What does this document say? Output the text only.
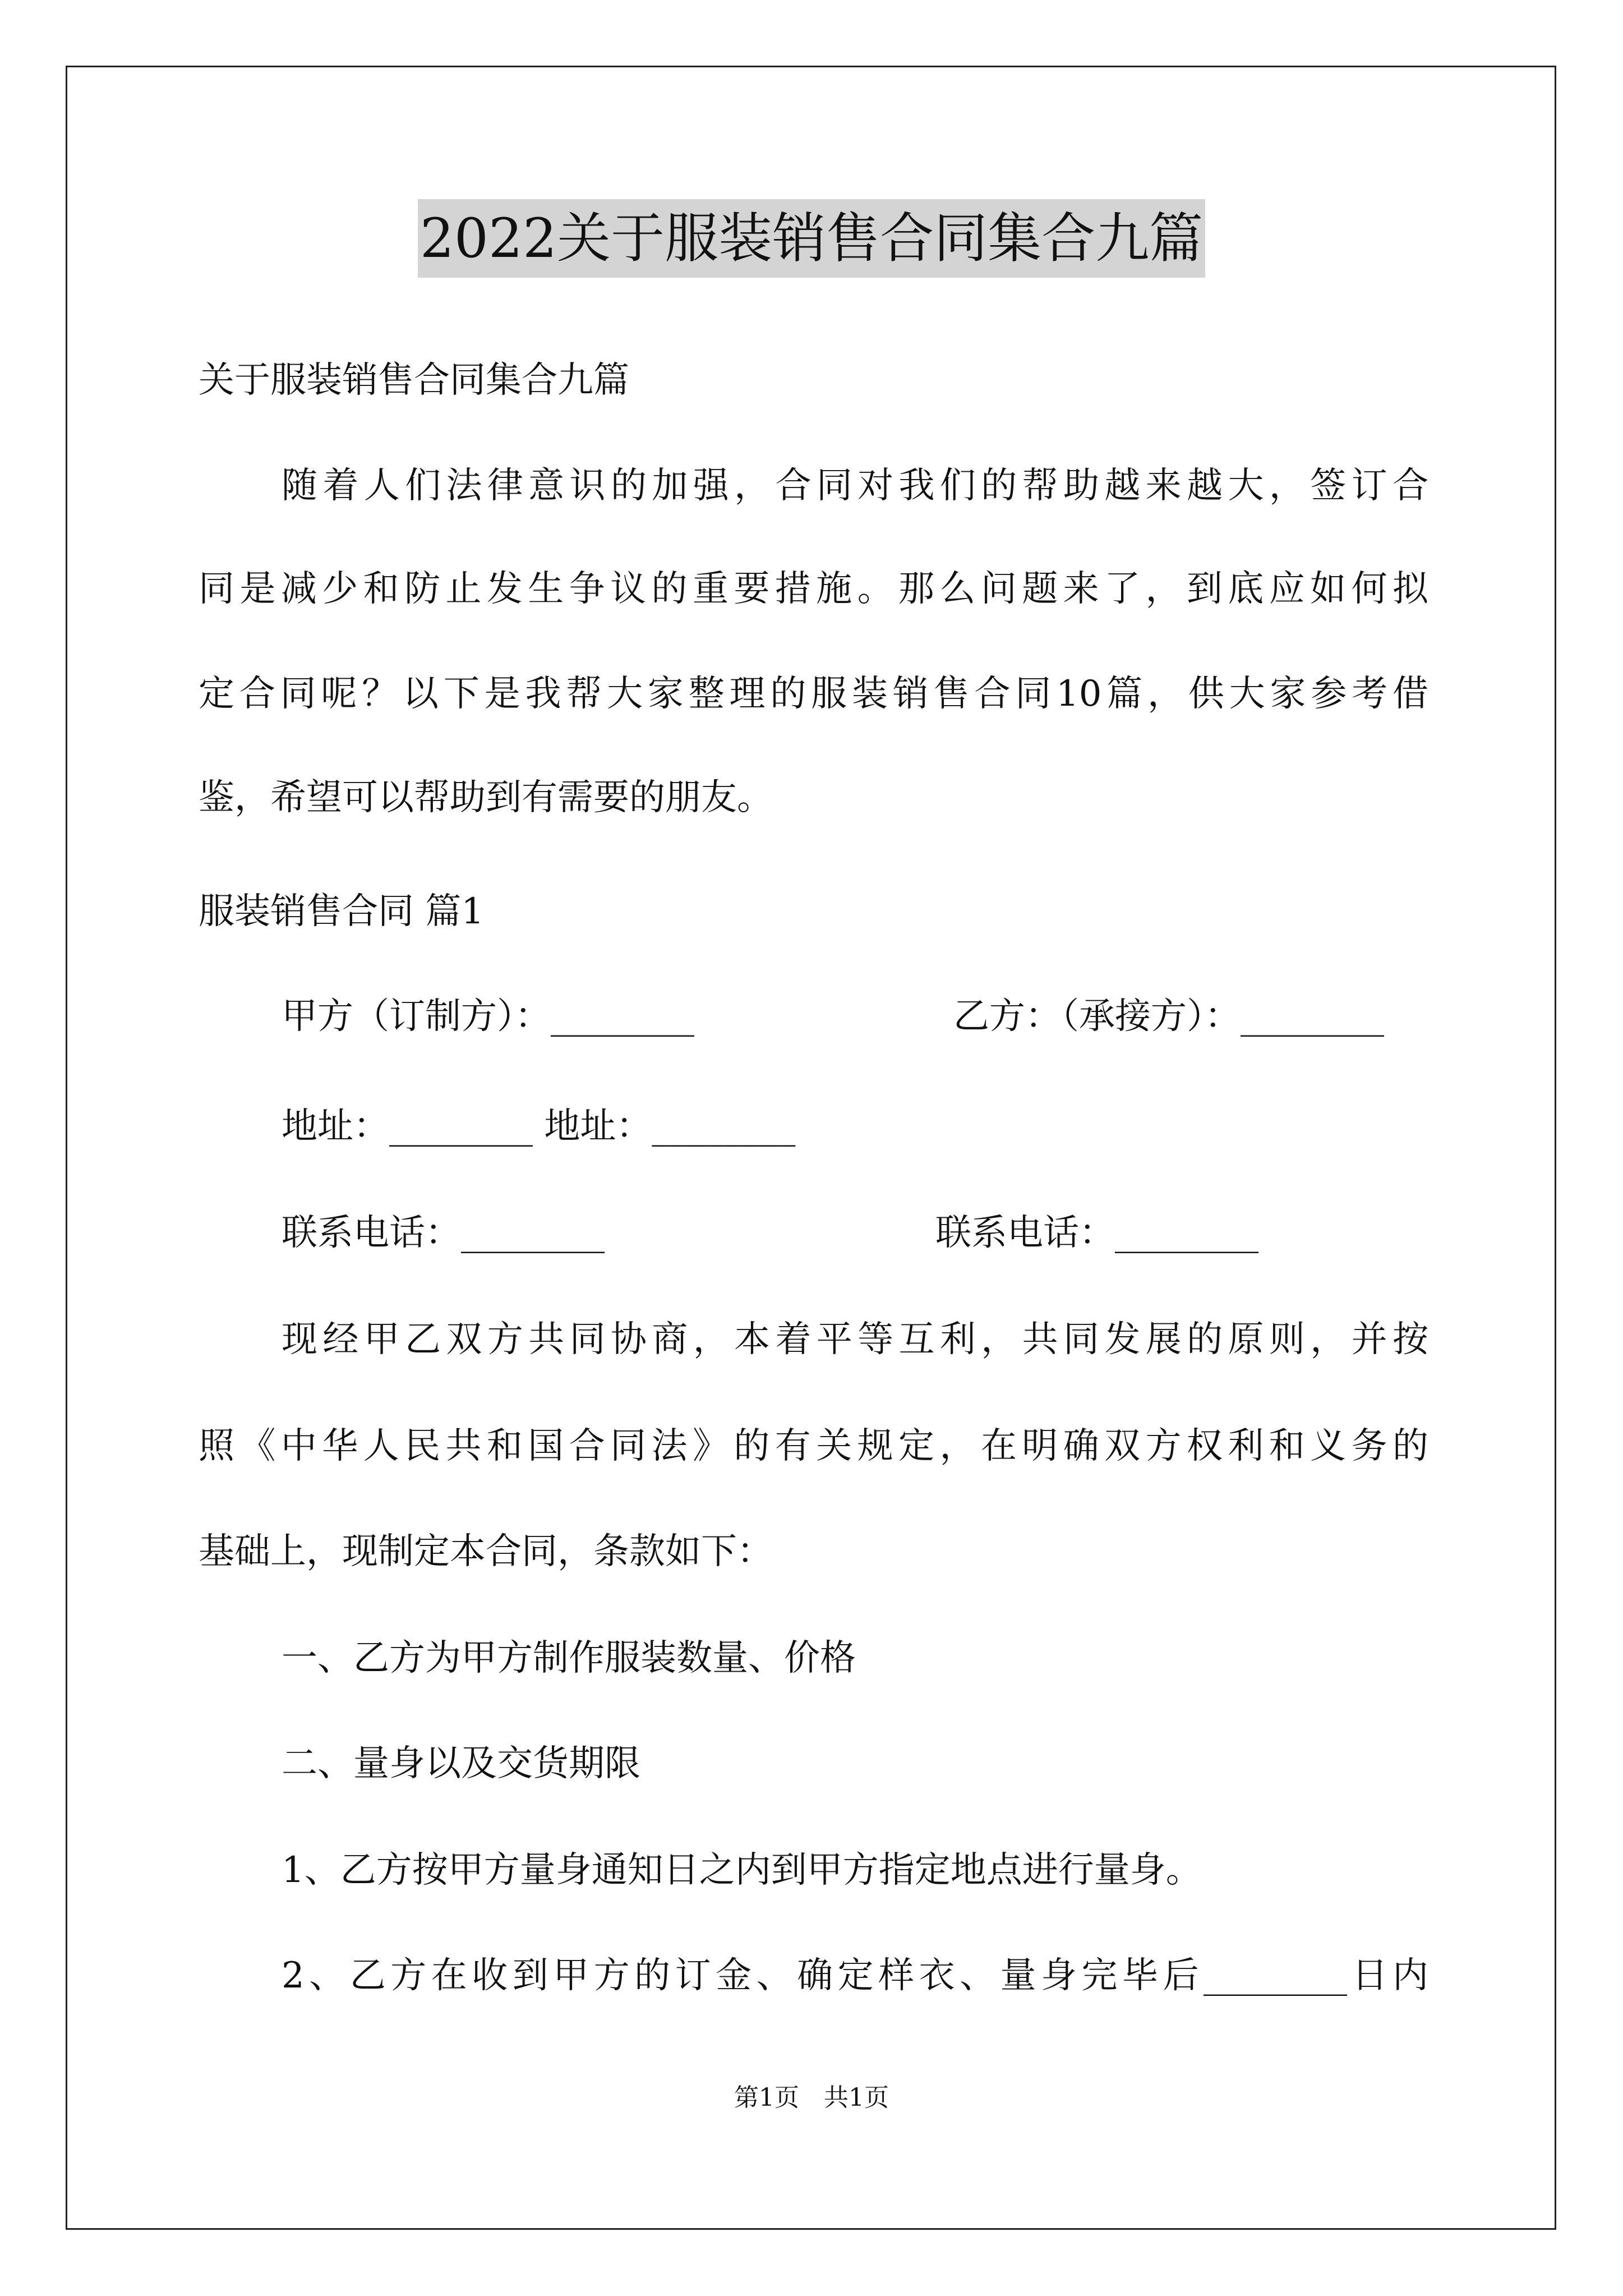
2022关于服装销售合同集合九篇
关于服装销售合同集合九篇
随着人们法律意识的加强，合同对我们的帮助越来越大，签订合
同是减少和防止发生争议的重要措施。那么问题来了，到底应如何拟
定合同呢？以下是我帮大家整理的服装销售合同10篇，供大家参考借
鉴，希望可以帮助到有需要的朋友。
服装销售合同 篇1
甲方（订制方）：________	乙方：（承接方）：________
地址：________ 地址：________
联系电话：________	联系电话：________
现经甲乙双方共同协商，本着平等互利，共同发展的原则，并按
照《中华人民共和国合同法》的有关规定，在明确双方权利和义务的
基础上，现制定本合同，条款如下：
一、乙方为甲方制作服装数量、价格
二、量身以及交货期限
1、乙方按甲方量身通知日之内到甲方指定地点进行量身。
2、乙方在收到甲方的订金、确定样衣、量身完毕后________日内
第1页 共1页
